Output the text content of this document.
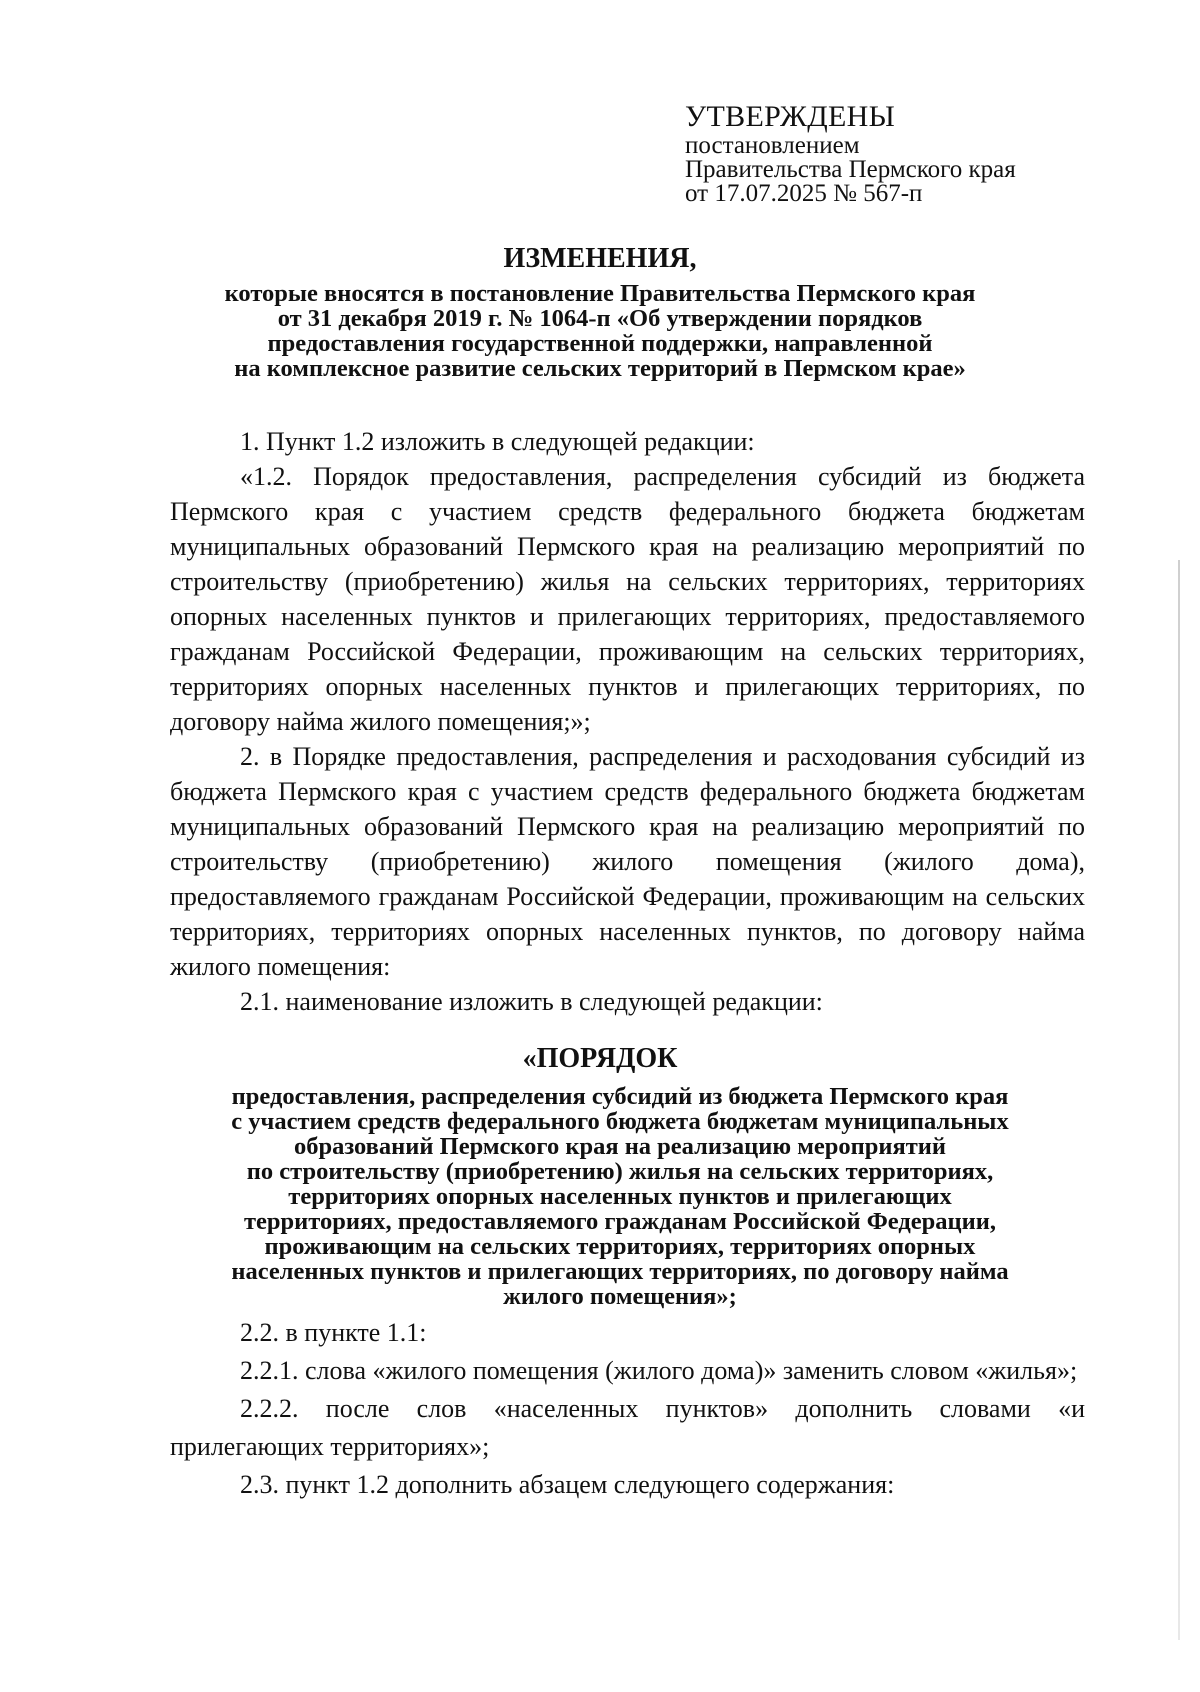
УТВЕРЖДЕНЫ
постановлением
Правительства Пермского края
от 17.07.2025 № 567-п
ИЗМЕНЕНИЯ,
которые вносятся в постановление Правительства Пермского края
от 31 декабря 2019 г. № 1064-п «Об утверждении порядков
предоставления государственной поддержки, направленной
на комплексное развитие сельских территорий в Пермском крае»

1. Пункт 1.2 изложить в следующей редакции:

«1.2. Порядок предоставления, распределения субсидий из бюджета Пермского края с участием средств федерального бюджета бюджетам муниципальных образований Пермского края на реализацию мероприятий по строительству (приобретению) жилья на сельских территориях, территориях опорных населенных пунктов и прилегающих территориях, предоставляемого гражданам Российской Федерации, проживающим на сельских территориях, территориях опорных населенных пунктов и прилегающих территориях, по договору найма жилого помещения;»;

2. в Порядке предоставления, распределения и расходования субсидий из бюджета Пермского края с участием средств федерального бюджета бюджетам муниципальных образований Пермского края на реализацию мероприятий по строительству (приобретению) жилого помещения (жилого дома), предоставляемого гражданам Российской Федерации, проживающим на сельских территориях, территориях опорных населенных пунктов, по договору найма жилого помещения:

2.1. наименование изложить в следующей редакции:

«ПОРЯДОК
предоставления, распределения субсидий из бюджета Пермского края
с участием средств федерального бюджета бюджетам муниципальных
образований Пермского края на реализацию мероприятий
по строительству (приобретению) жилья на сельских территориях,
территориях опорных населенных пунктов и прилегающих
территориях, предоставляемого гражданам Российской Федерации,
проживающим на сельских территориях, территориях опорных
населенных пунктов и прилегающих территориях, по договору найма
жилого помещения»;

2.2. в пункте 1.1:

2.2.1. слова «жилого помещения (жилого дома)» заменить словом «жилья»;

2.2.2. после слов «населенных пунктов» дополнить словами «и прилегающих территориях»;

2.3. пункт 1.2 дополнить абзацем следующего содержания:
